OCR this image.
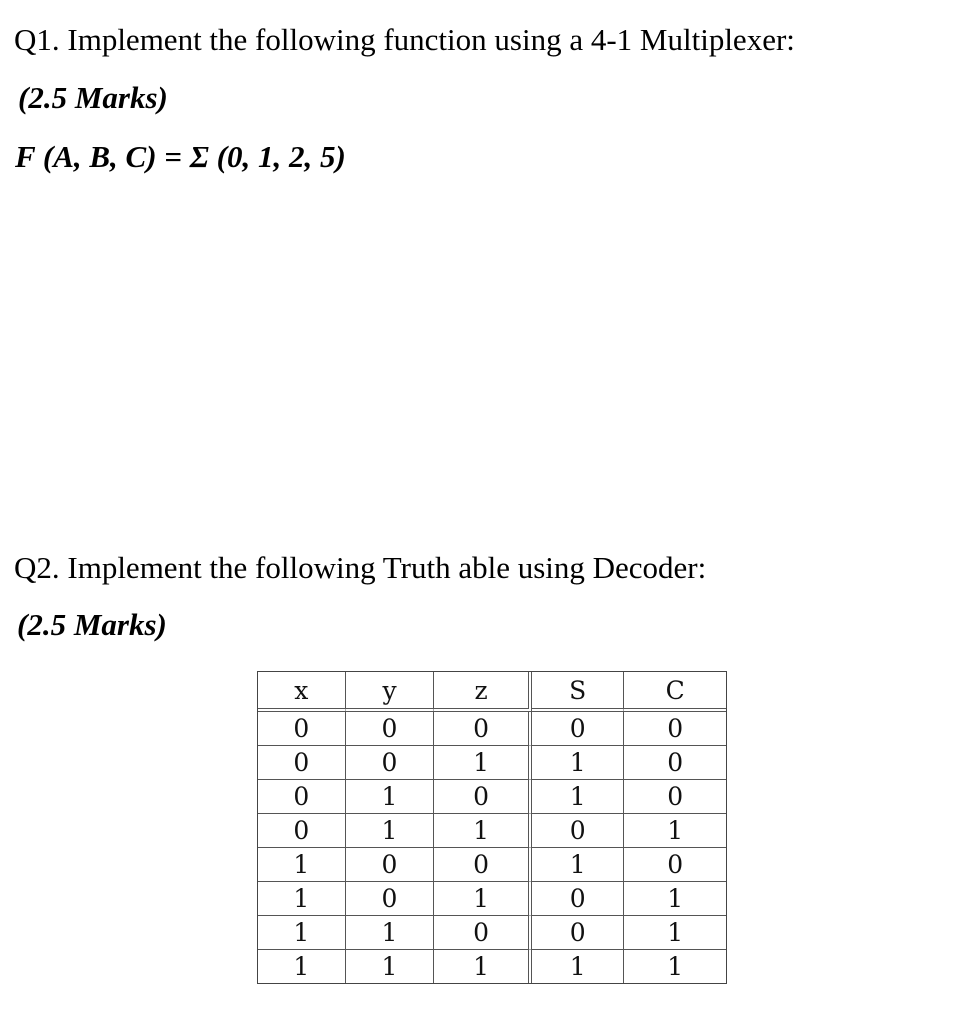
Q1. Implement the following function using a 4-1 Multiplexer:
(2.5 Marks)
F (A, B, C) = Σ (0, 1, 2, 5)
Q2. Implement the following Truth able using Decoder:
(2.5 Marks)
x	y	z	S	C
0	0	0	0	0
0	0	1	1	0
0	1	0	1	0
0	1	1	0	1
1	0	0	1	0
1	0	1	0	1
1	1	0	0	1
1	1	1	1	1
